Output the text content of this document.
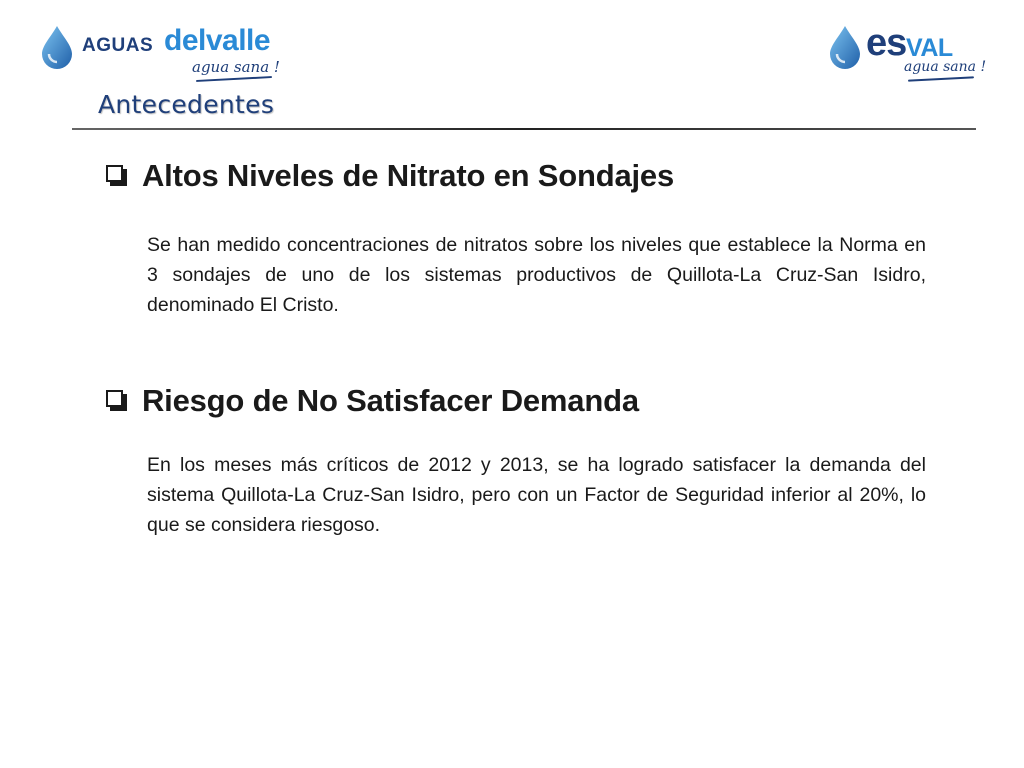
AGUAS delvalle
agua sana !
es VAL
agua sana !
Antecedentes
Altos Niveles de Nitrato en Sondajes
Se han medido concentraciones de nitratos sobre los niveles que establece la Norma en 3 sondajes de uno de los sistemas productivos de Quillota-La Cruz-San Isidro, denominado El Cristo.
Riesgo de No Satisfacer Demanda
En los meses más críticos de 2012 y 2013, se ha logrado satisfacer la demanda del sistema Quillota-La Cruz-San Isidro, pero con un Factor de Seguridad inferior al 20%, lo que se considera riesgoso.
